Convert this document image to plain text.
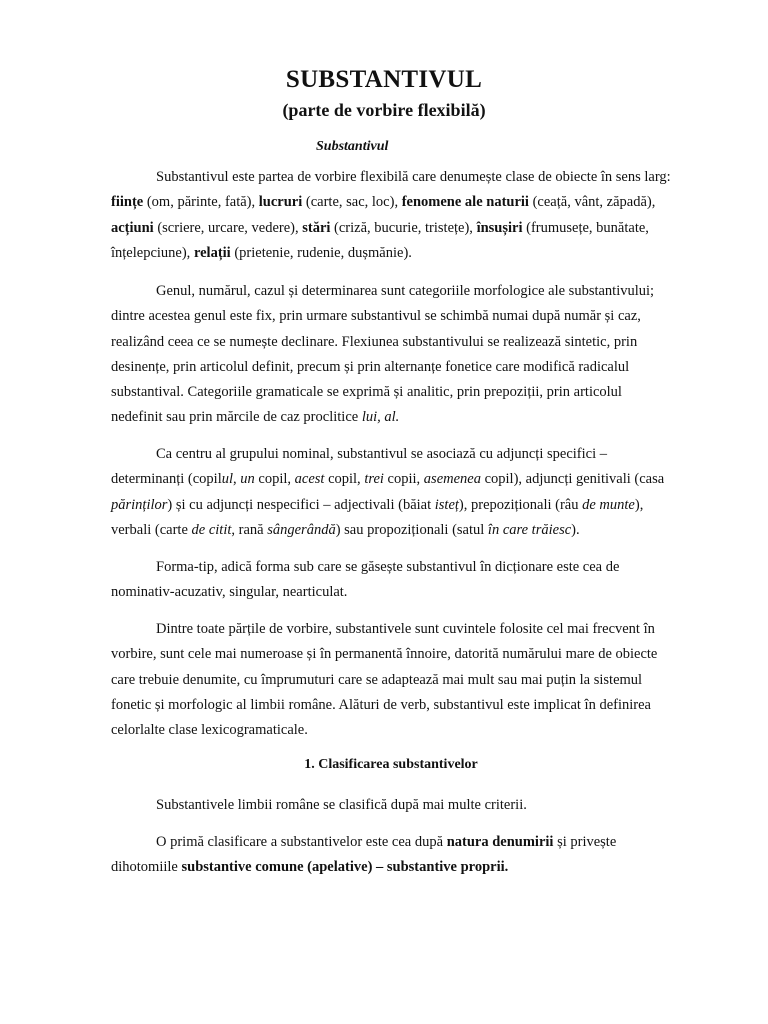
SUBSTANTIVUL
(parte de vorbire flexibilă)
Substantivul
Substantivul este partea de vorbire flexibilă care denumește clase de obiecte în sens larg:
ființe (om, părinte, fată), lucruri (carte, sac, loc), fenomene ale naturii (ceață, vânt, zăpadă),
acțiuni (scriere, urcare, vedere), stări (criză, bucurie, tristețe), însușiri (frumusețe, bunătate,
înțelepciune), relații (prietenie, rudenie, dușmănie).
Genul, numărul, cazul și determinarea sunt categoriile morfologice ale substantivului;
dintre acestea genul este fix, prin urmare substantivul se schimbă numai după număr și caz,
realizând ceea ce se numește declinare. Flexiunea substantivului se realizează sintetic, prin
desinențe, prin articolul definit, precum și prin alternanțe fonetice care modifică radicalul
substantival. Categoriile gramaticale se exprimă și analitic, prin prepoziții, prin articolul
nedefinit sau prin mărcile de caz proclitice lui, al.
Ca centru al grupului nominal, substantivul se asociază cu adjuncți specifici –
determinanți (copilul, un copil, acest copil, trei copii, asemenea copil), adjuncți genitivali (casa
părinților) și cu adjuncți nespecifici – adjectivali (băiat isteț), prepoziționali (râu de munte),
verbali (carte de citit, rană sângerândă) sau propoziționali (satul în care trăiesc).
Forma-tip, adică forma sub care se găsește substantivul în dicționare este cea de
nominativ-acuzativ, singular, nearticulat.
Dintre toate părțile de vorbire, substantivele sunt cuvintele folosite cel mai frecvent în
vorbire, sunt cele mai numeroase și în permanentă înnoire, datorită numărului mare de obiecte
care trebuie denumite, cu împrumuturi care se adaptează mai mult sau mai puțin la sistemul
fonetic și morfologic al limbii române. Alături de verb, substantivul este implicat în definirea
celorlalte clase lexicogramaticale.
1. Clasificarea substantivelor
Substantivele limbii române se clasifică după mai multe criterii.
O primă clasificare a substantivelor este cea după natura denumirii și privește
dihotomiile substantive comune (apelative) – substantive proprii.
